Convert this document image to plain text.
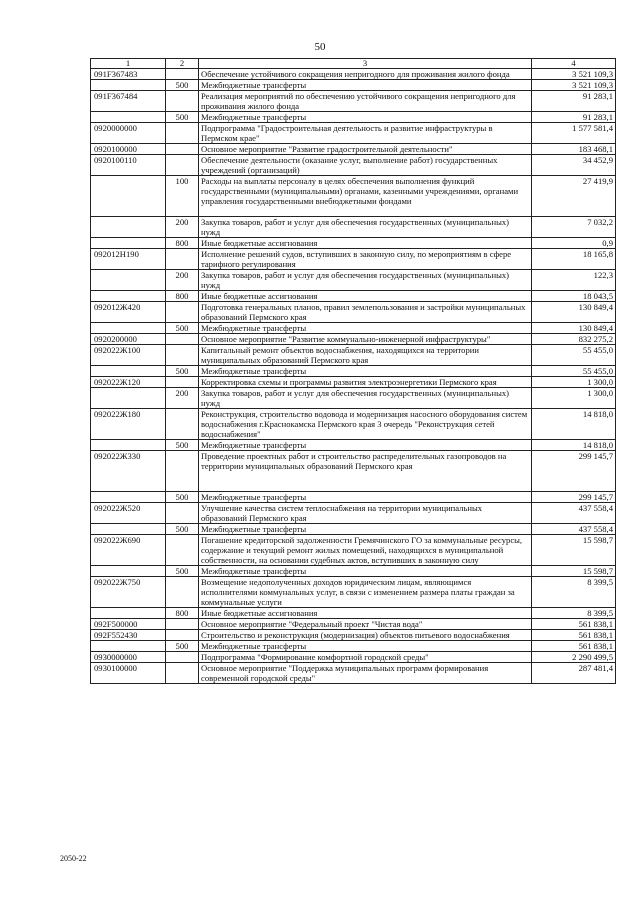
50
1	2	3	4
091F367483		Обеспечение устойчивого сокращения непригодного для проживания жилого фонда	3 521 109,3
	500	Межбюджетные трансферты	3 521 109,3
091F367484		Реализация мероприятий по обеспечению устойчивого сокращения непригодного для проживания жилого фонда	91 283,1
	500	Межбюджетные трансферты	91 283,1
0920000000		Подпрограмма "Градостроительная деятельность и развитие инфраструктуры в Пермском крае"	1 577 581,4
0920100000		Основное мероприятие "Развитие градостроительной деятельности"	183 468,1
0920100110		Обеспечение деятельности (оказание услуг, выполнение работ) государственных учреждений (организаций)	34 452,9
	100	Расходы на выплаты персоналу в целях обеспечения выполнения функций государственными (муниципальными) органами, казенными учреждениями, органами управления государственными внебюджетными фондами	27 419,9
	200	Закупка товаров, работ и услуг для обеспечения государственных (муниципальных) нужд	7 032,2
	800	Иные бюджетные ассигнования	0,9
092012Н190		Исполнение решений судов, вступивших в законную силу, по мероприятиям в сфере тарифного регулирования	18 165,8
	200	Закупка товаров, работ и услуг для обеспечения государственных (муниципальных) нужд	122,3
	800	Иные бюджетные ассигнования	18 043,5
092012Ж420		Подготовка генеральных планов, правил землепользования и застройки муниципальных образований Пермского края	130 849,4
	500	Межбюджетные трансферты	130 849,4
0920200000		Основное мероприятие "Развитие коммунально-инженерной инфраструктуры"	832 275,2
092022Ж100		Капитальный ремонт объектов водоснабжения, находящихся на территории муниципальных образований Пермского края	55 455,0
	500	Межбюджетные трансферты	55 455,0
092022Ж120		Корректировка схемы и программы развития электроэнергетики Пермского края	1 300,0
	200	Закупка товаров, работ и услуг для обеспечения государственных (муниципальных) нужд	1 300,0
092022Ж180		Реконструкция, строительство водовода и модернизация насосного оборудования систем водоснабжения г.Краснокамска Пермского края 3 очередь "Реконструкция сетей водоснабжения"	14 818,0
	500	Межбюджетные трансферты	14 818,0
092022Ж330		Проведение проектных работ и строительство распределительных газопроводов на территории муниципальных образований Пермского края	299 145,7
	500	Межбюджетные трансферты	299 145,7
092022Ж520		Улучшение качества систем теплоснабжения на территории муниципальных образований Пермского края	437 558,4
	500	Межбюджетные трансферты	437 558,4
092022Ж690		Погашение кредиторской задолженности Гремячинского ГО за коммунальные ресурсы, содержание и текущий ремонт жилых помещений, находящихся в муниципальной собственности, на основании судебных актов, вступивших в законную силу	15 598,7
	500	Межбюджетные трансферты	15 598,7
092022Ж750		Возмещение недополученных доходов юридическим лицам, являющимся исполнителями коммунальных услуг, в связи с изменением размера платы граждан за коммунальные услуги	8 399,5
	800	Иные бюджетные ассигнования	8 399,5
092F500000		Основное мероприятие "Федеральный проект "Чистая вода"	561 838,1
092F552430		Строительство и реконструкция (модернизация) объектов питьевого водоснабжения	561 838,1
	500	Межбюджетные трансферты	561 838,1
0930000000		Подпрограмма "Формирование комфортной городской среды"	2 290 499,5
0930100000		Основное мероприятие "Поддержка муниципальных программ формирования современной городской среды"	287 481,4
2050-22
